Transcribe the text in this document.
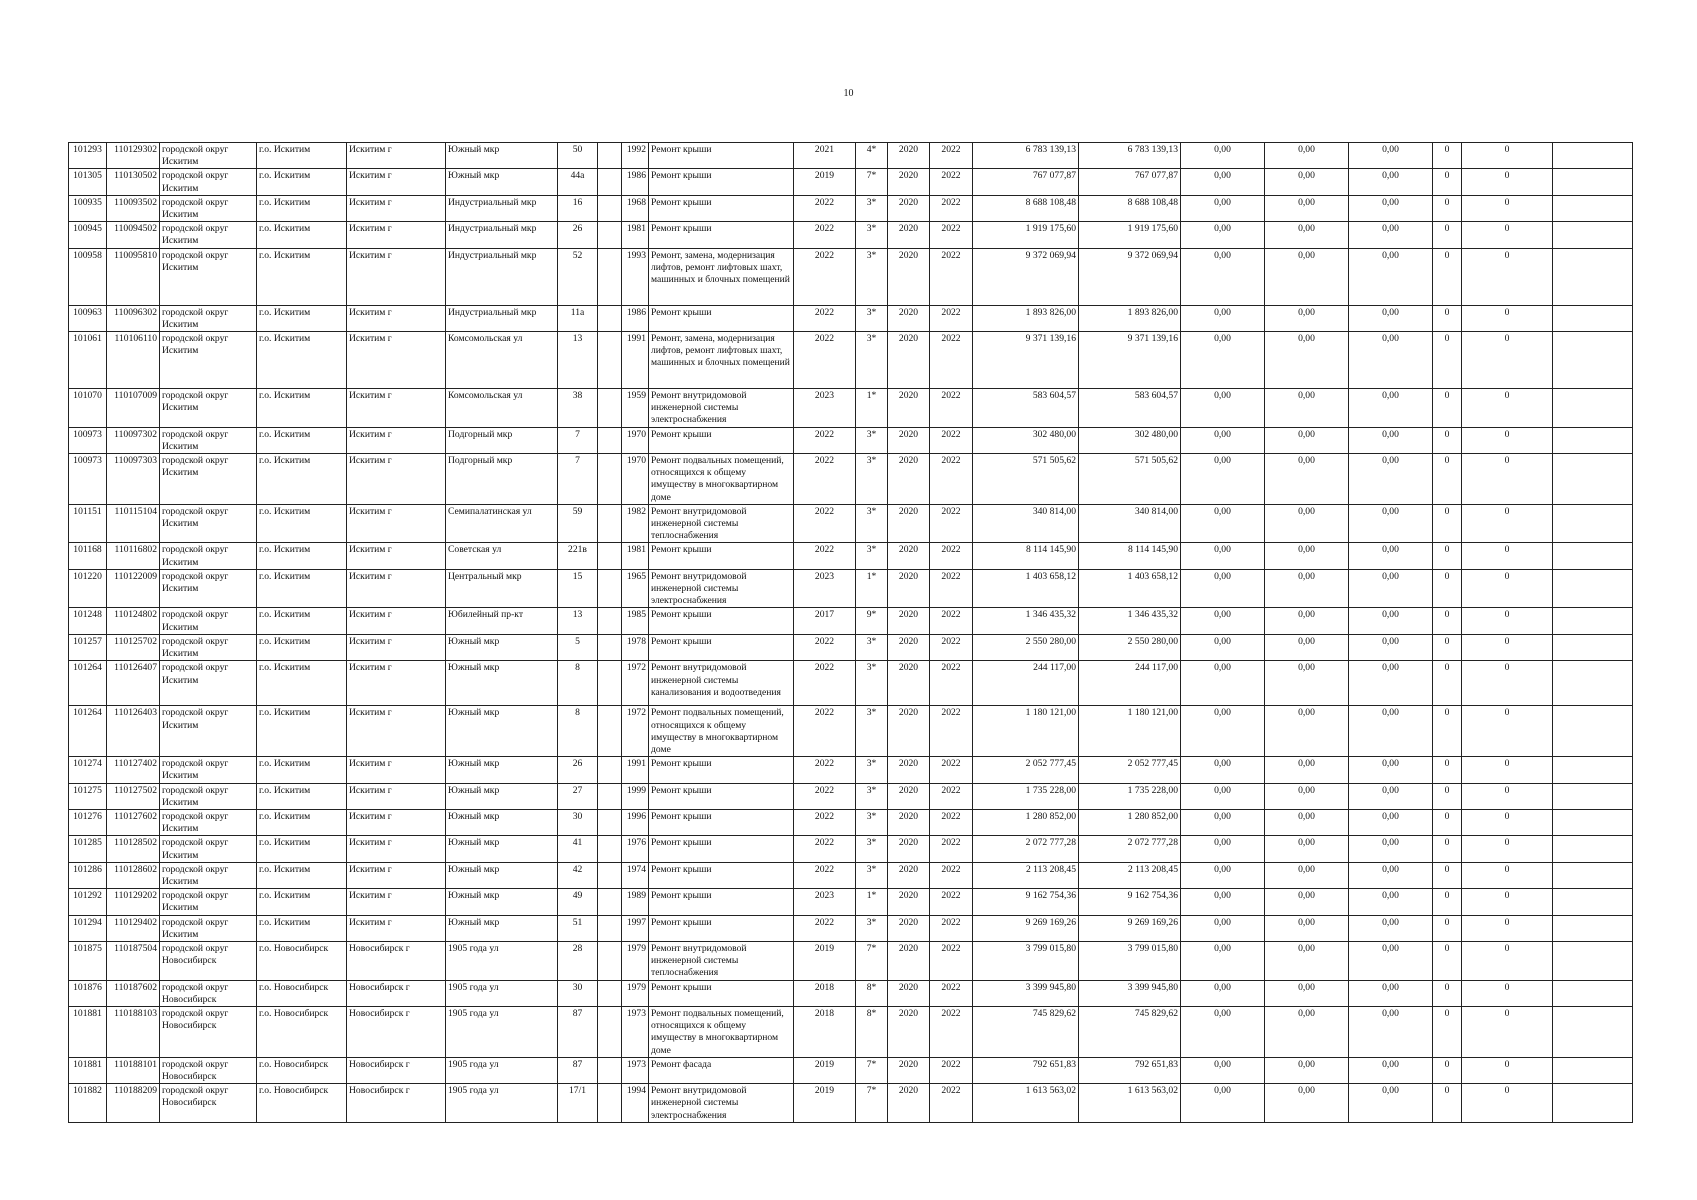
10
101293	110129302	городской округ Искитим	г.о. Искитим	Искитим г	Южный мкр	50		1992	Ремонт крыши	2021	4*	2020	2022	6 783 139,13	6 783 139,13	0,00	0,00	0,00	0	0	
101305	110130502	городской округ Искитим	г.о. Искитим	Искитим г	Южный мкр	44а		1986	Ремонт крыши	2019	7*	2020	2022	767 077,87	767 077,87	0,00	0,00	0,00	0	0	
100935	110093502	городской округ Искитим	г.о. Искитим	Искитим г	Индустриальный мкр	16		1968	Ремонт крыши	2022	3*	2020	2022	8 688 108,48	8 688 108,48	0,00	0,00	0,00	0	0	
100945	110094502	городской округ Искитим	г.о. Искитим	Искитим г	Индустриальный мкр	26		1981	Ремонт крыши	2022	3*	2020	2022	1 919 175,60	1 919 175,60	0,00	0,00	0,00	0	0	
100958	110095810	городской округ Искитим	г.о. Искитим	Искитим г	Индустриальный мкр	52		1993	Ремонт, замена, модернизация лифтов, ремонт лифтовых шахт, машинных и блочных помещений	2022	3*	2020	2022	9 372 069,94	9 372 069,94	0,00	0,00	0,00	0	0	
100963	110096302	городской округ Искитим	г.о. Искитим	Искитим г	Индустриальный мкр	11а		1986	Ремонт крыши	2022	3*	2020	2022	1 893 826,00	1 893 826,00	0,00	0,00	0,00	0	0	
101061	110106110	городской округ Искитим	г.о. Искитим	Искитим г	Комсомольская ул	13		1991	Ремонт, замена, модернизация лифтов, ремонт лифтовых шахт, машинных и блочных помещений	2022	3*	2020	2022	9 371 139,16	9 371 139,16	0,00	0,00	0,00	0	0	
101070	110107009	городской округ Искитим	г.о. Искитим	Искитим г	Комсомольская ул	38		1959	Ремонт внутридомовой инженерной системы электроснабжения	2023	1*	2020	2022	583 604,57	583 604,57	0,00	0,00	0,00	0	0	
100973	110097302	городской округ Искитим	г.о. Искитим	Искитим г	Подгорный мкр	7		1970	Ремонт крыши	2022	3*	2020	2022	302 480,00	302 480,00	0,00	0,00	0,00	0	0	
100973	110097303	городской округ Искитим	г.о. Искитим	Искитим г	Подгорный мкр	7		1970	Ремонт подвальных помещений, относящихся к общему имуществу в многоквартирном доме	2022	3*	2020	2022	571 505,62	571 505,62	0,00	0,00	0,00	0	0	
101151	110115104	городской округ Искитим	г.о. Искитим	Искитим г	Семипалатинская ул	59		1982	Ремонт внутридомовой инженерной системы теплоснабжения	2022	3*	2020	2022	340 814,00	340 814,00	0,00	0,00	0,00	0	0	
101168	110116802	городской округ Искитим	г.о. Искитим	Искитим г	Советская ул	221в		1981	Ремонт крыши	2022	3*	2020	2022	8 114 145,90	8 114 145,90	0,00	0,00	0,00	0	0	
101220	110122009	городской округ Искитим	г.о. Искитим	Искитим г	Центральный мкр	15		1965	Ремонт внутридомовой инженерной системы электроснабжения	2023	1*	2020	2022	1 403 658,12	1 403 658,12	0,00	0,00	0,00	0	0	
101248	110124802	городской округ Искитим	г.о. Искитим	Искитим г	Юбилейный пр-кт	13		1985	Ремонт крыши	2017	9*	2020	2022	1 346 435,32	1 346 435,32	0,00	0,00	0,00	0	0	
101257	110125702	городской округ Искитим	г.о. Искитим	Искитим г	Южный мкр	5		1978	Ремонт крыши	2022	3*	2020	2022	2 550 280,00	2 550 280,00	0,00	0,00	0,00	0	0	
101264	110126407	городской округ Искитим	г.о. Искитим	Искитим г	Южный мкр	8		1972	Ремонт внутридомовой инженерной системы канализования и водоотведения	2022	3*	2020	2022	244 117,00	244 117,00	0,00	0,00	0,00	0	0	
101264	110126403	городской округ Искитим	г.о. Искитим	Искитим г	Южный мкр	8		1972	Ремонт подвальных помещений, относящихся к общему имуществу в многоквартирном доме	2022	3*	2020	2022	1 180 121,00	1 180 121,00	0,00	0,00	0,00	0	0	
101274	110127402	городской округ Искитим	г.о. Искитим	Искитим г	Южный мкр	26		1991	Ремонт крыши	2022	3*	2020	2022	2 052 777,45	2 052 777,45	0,00	0,00	0,00	0	0	
101275	110127502	городской округ Искитим	г.о. Искитим	Искитим г	Южный мкр	27		1999	Ремонт крыши	2022	3*	2020	2022	1 735 228,00	1 735 228,00	0,00	0,00	0,00	0	0	
101276	110127602	городской округ Искитим	г.о. Искитим	Искитим г	Южный мкр	30		1996	Ремонт крыши	2022	3*	2020	2022	1 280 852,00	1 280 852,00	0,00	0,00	0,00	0	0	
101285	110128502	городской округ Искитим	г.о. Искитим	Искитим г	Южный мкр	41		1976	Ремонт крыши	2022	3*	2020	2022	2 072 777,28	2 072 777,28	0,00	0,00	0,00	0	0	
101286	110128602	городской округ Искитим	г.о. Искитим	Искитим г	Южный мкр	42		1974	Ремонт крыши	2022	3*	2020	2022	2 113 208,45	2 113 208,45	0,00	0,00	0,00	0	0	
101292	110129202	городской округ Искитим	г.о. Искитим	Искитим г	Южный мкр	49		1989	Ремонт крыши	2023	1*	2020	2022	9 162 754,36	9 162 754,36	0,00	0,00	0,00	0	0	
101294	110129402	городской округ Искитим	г.о. Искитим	Искитим г	Южный мкр	51		1997	Ремонт крыши	2022	3*	2020	2022	9 269 169,26	9 269 169,26	0,00	0,00	0,00	0	0	
101875	110187504	городской округ Новосибирск	г.о. Новосибирск	Новосибирск г	1905 года ул	28		1979	Ремонт внутридомовой инженерной системы теплоснабжения	2019	7*	2020	2022	3 799 015,80	3 799 015,80	0,00	0,00	0,00	0	0	
101876	110187602	городской округ Новосибирск	г.о. Новосибирск	Новосибирск г	1905 года ул	30		1979	Ремонт крыши	2018	8*	2020	2022	3 399 945,80	3 399 945,80	0,00	0,00	0,00	0	0	
101881	110188103	городской округ Новосибирск	г.о. Новосибирск	Новосибирск г	1905 года ул	87		1973	Ремонт подвальных помещений, относящихся к общему имуществу в многоквартирном доме	2018	8*	2020	2022	745 829,62	745 829,62	0,00	0,00	0,00	0	0	
101881	110188101	городской округ Новосибирск	г.о. Новосибирск	Новосибирск г	1905 года ул	87		1973	Ремонт фасада	2019	7*	2020	2022	792 651,83	792 651,83	0,00	0,00	0,00	0	0	
101882	110188209	городской округ Новосибирск	г.о. Новосибирск	Новосибирск г	1905 года ул	17/1		1994	Ремонт внутридомовой инженерной системы электроснабжения	2019	7*	2020	2022	1 613 563,02	1 613 563,02	0,00	0,00	0,00	0	0	
